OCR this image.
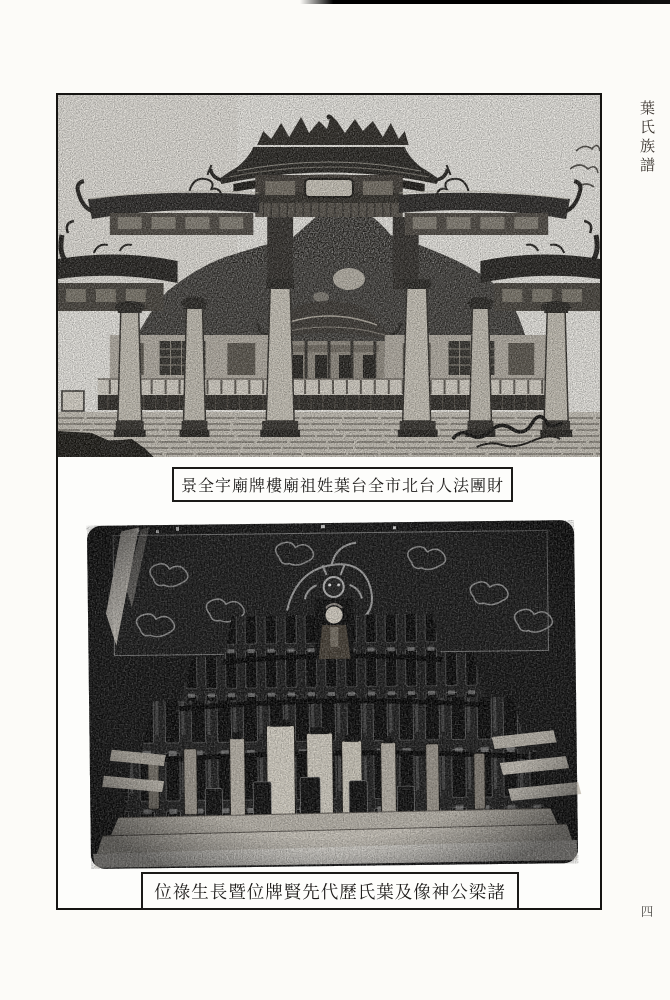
葉氏族譜
景全宇廟牌樓廟祖姓葉台全市北台人法團財
位祿生長暨位牌賢先代歷氏葉及像神公梁諸
四
